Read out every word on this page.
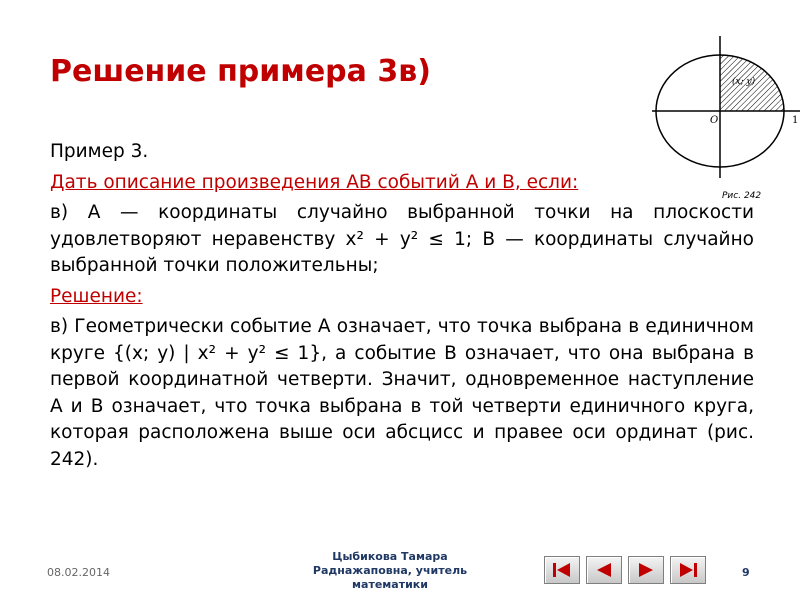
Решение примера 3в)	(x; y)
O	1
Рис. 242

Пример 3.

Дать описание произведения AB событий A и B, если:

в) A — координаты случайно выбранной точки на плоскости удовлетворяют неравенству x² + y² ≤ 1; B — координаты случайно выбранной точки положительны;

Решение:

в) Геометрически событие A означает, что точка выбрана в единичном круге {(x; y) | x² + y² ≤ 1}, а событие B означает, что она выбрана в первой координатной четверти. Значит, одновременное наступление A и B означает, что точка выбрана в той четверти единичного круга, которая расположена выше оси абсцисс и правее оси ординат (рис. 242).

08.02.2014
Цыбикова Тамара
Раднажаповна, учитель
математики
9
